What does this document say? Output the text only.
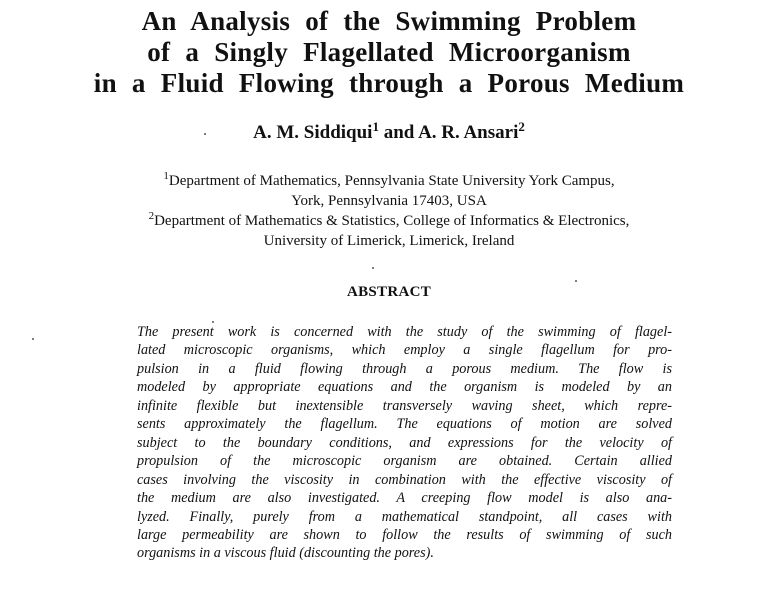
An Analysis of the Swimming Problem
of a Singly Flagellated Microorganism
in a Fluid Flowing through a Porous Medium
A. M. Siddiqui$^1$ and A. R. Ansari$^2$
$^1$Department of Mathematics, Pennsylvania State University York Campus,
York, Pennsylvania 17403, USA
$^2$Department of Mathematics & Statistics, College of Informatics & Electronics,
University of Limerick, Limerick, Ireland
ABSTRACT
The present work is concerned with the study of the swimming of flagel-
lated microscopic organisms, which employ a single flagellum for pro-
pulsion in a fluid flowing through a porous medium. The flow is
modeled by appropriate equations and the organism is modeled by an
infinite flexible but inextensible transversely waving sheet, which repre-
sents approximately the flagellum. The equations of motion are solved
subject to the boundary conditions, and expressions for the velocity of
propulsion of the microscopic organism are obtained. Certain allied
cases involving the viscosity in combination with the effective viscosity of
the medium are also investigated. A creeping flow model is also ana-
lyzed. Finally, purely from a mathematical standpoint, all cases with
large permeability are shown to follow the results of swimming of such
organisms in a viscous fluid (discounting the pores).
